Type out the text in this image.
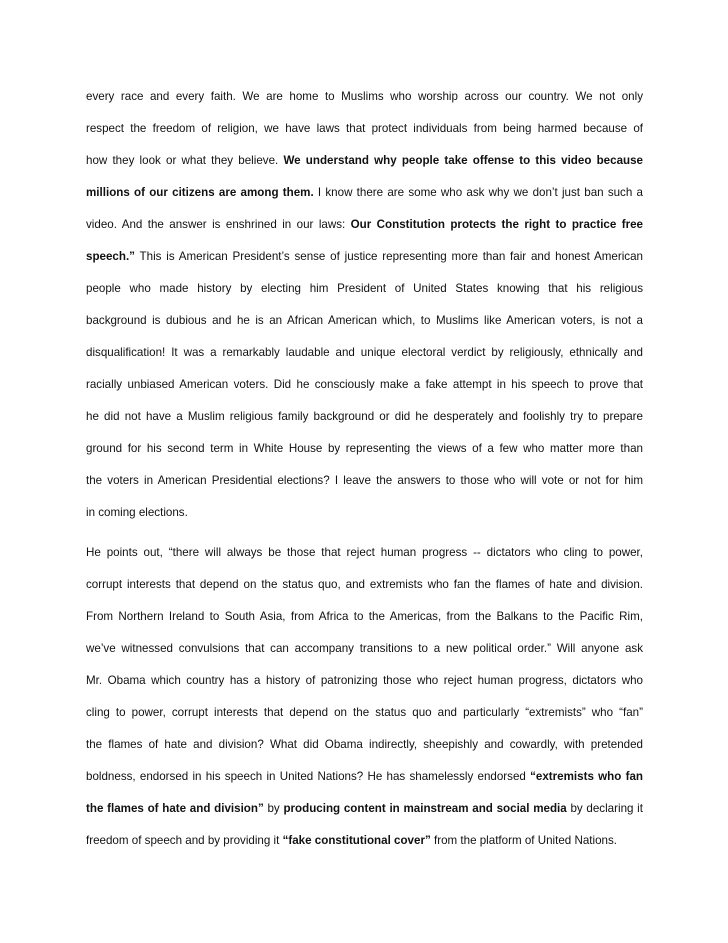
every race and every faith. We are home to Muslims who worship across our country. We not only
respect the freedom of religion, we have laws that protect individuals from being harmed because of
how they look or what they believe. We understand why people take offense to this video because
millions of our citizens are among them. I know there are some who ask why we don’t just ban such a
video. And the answer is enshrined in our laws: Our Constitution protects the right to practice free
speech.” This is American President’s sense of justice representing more than fair and honest American
people who made history by electing him President of United States knowing that his religious
background is dubious and he is an African American which, to Muslims like American voters, is not a
disqualification! It was a remarkably laudable and unique electoral verdict by religiously, ethnically and
racially unbiased American voters. Did he consciously make a fake attempt in his speech to prove that
he did not have a Muslim religious family background or did he desperately and foolishly try to prepare
ground for his second term in White House by representing the views of a few who matter more than
the voters in American Presidential elections? I leave the answers to those who will vote or not for him
in coming elections.
He points out, “there will always be those that reject human progress -- dictators who cling to power,
corrupt interests that depend on the status quo, and extremists who fan the flames of hate and division.
From Northern Ireland to South Asia, from Africa to the Americas, from the Balkans to the Pacific Rim,
we’ve witnessed convulsions that can accompany transitions to a new political order.” Will anyone ask
Mr. Obama which country has a history of patronizing those who reject human progress, dictators who
cling to power, corrupt interests that depend on the status quo and particularly “extremists” who “fan”
the flames of hate and division? What did Obama indirectly, sheepishly and cowardly, with pretended
boldness, endorsed in his speech in United Nations? He has shamelessly endorsed “extremists who fan
the flames of hate and division” by producing content in mainstream and social media by declaring it
freedom of speech and by providing it “fake constitutional cover” from the platform of United Nations.
